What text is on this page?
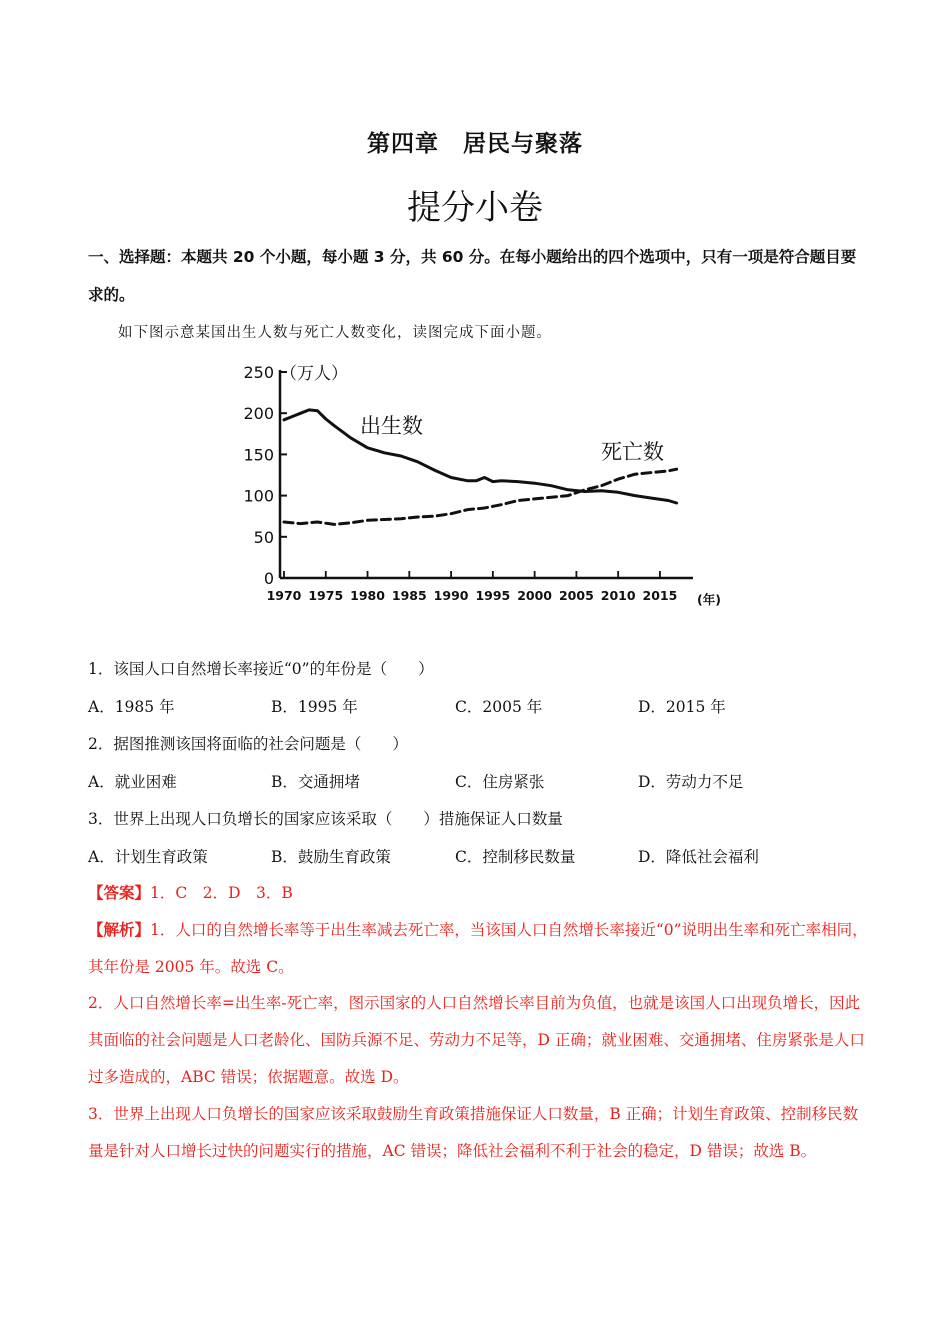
第四章　居民与聚落
提分小卷
一、选择题：本题共 20 个小题，每小题 3 分，共 60 分。在每小题给出的四个选项中，只有一项是符合题目要求的。
如下图示意某国出生人数与死亡人数变化，读图完成下面小题。
0
50
100
150
200
250
1970 1975 1980 1985 1990 1995 2000 2005 2010 2015
（万人）
(年)
出生数
死亡数
1．该国人口自然增长率接近“0”的年份是（　　）
A．1985 年	B．1995 年	C．2005 年	D．2015 年
2．据图推测该国将面临的社会问题是（　　）
A．就业困难	B．交通拥堵	C．住房紧张	D．劳动力不足
3．世界上出现人口负增长的国家应该采取（　　）措施保证人口数量
A．计划生育政策	B．鼓励生育政策	C．控制移民数量	D．降低社会福利
【答案】1．C　2．D　3．B
【解析】1．人口的自然增长率等于出生率减去死亡率，当该国人口自然增长率接近“0”说明出生率和死亡率相同，其年份是 2005 年。故选 C。
2．人口自然增长率=出生率-死亡率，图示国家的人口自然增长率目前为负值，也就是该国人口出现负增长，因此其面临的社会问题是人口老龄化、国防兵源不足、劳动力不足等，D 正确；就业困难、交通拥堵、住房紧张是人口过多造成的，ABC 错误；依据题意。故选 D。
3．世界上出现人口负增长的国家应该采取鼓励生育政策措施保证人口数量，B 正确；计划生育政策、控制移民数量是针对人口增长过快的问题实行的措施，AC 错误；降低社会福利不利于社会的稳定，D 错误；故选 B。
